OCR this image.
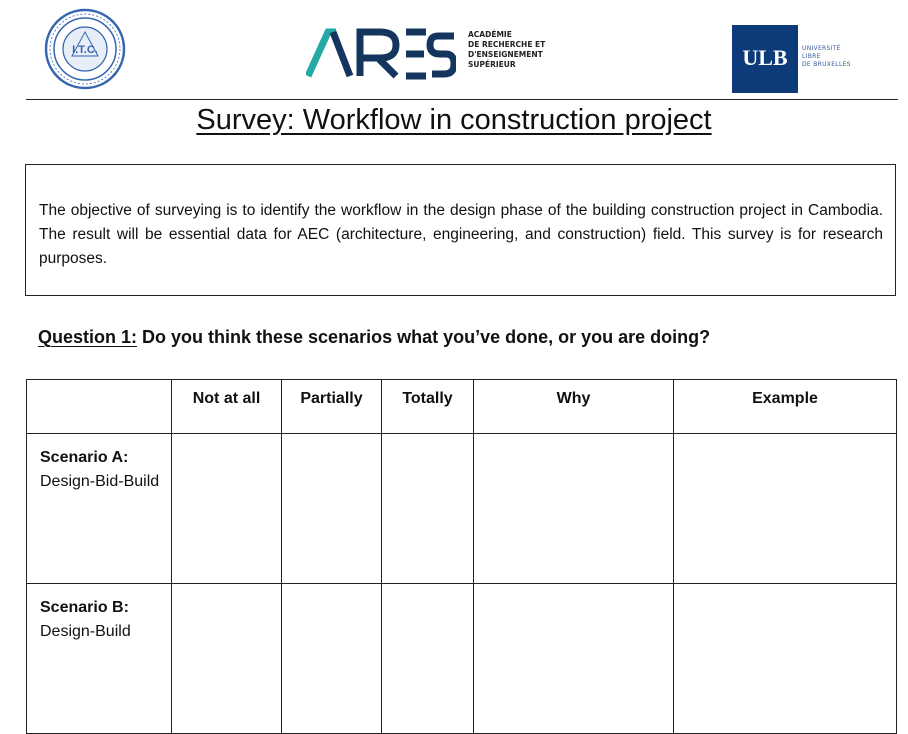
I.T.C.
ACADÉMIE
DE RECHERCHE ET
D'ENSEIGNEMENT
SUPÉRIEUR	ULB	UNIVERSITÉ
LIBRE
DE BRUXELLES
Survey: Workflow in construction project

The objective of surveying is to identify the workflow in the design phase of the building construction project in Cambodia. The result will be essential data for AEC (architecture, engineering, and construction) field. This survey is for research purposes.

Question 1: Do you think these scenarios what you’ve done, or you are doing?
	Not at all	Partially	Totally	Why	Example

Scenario A:
Design-Bid-Build					

Scenario B:
Design-Build					
